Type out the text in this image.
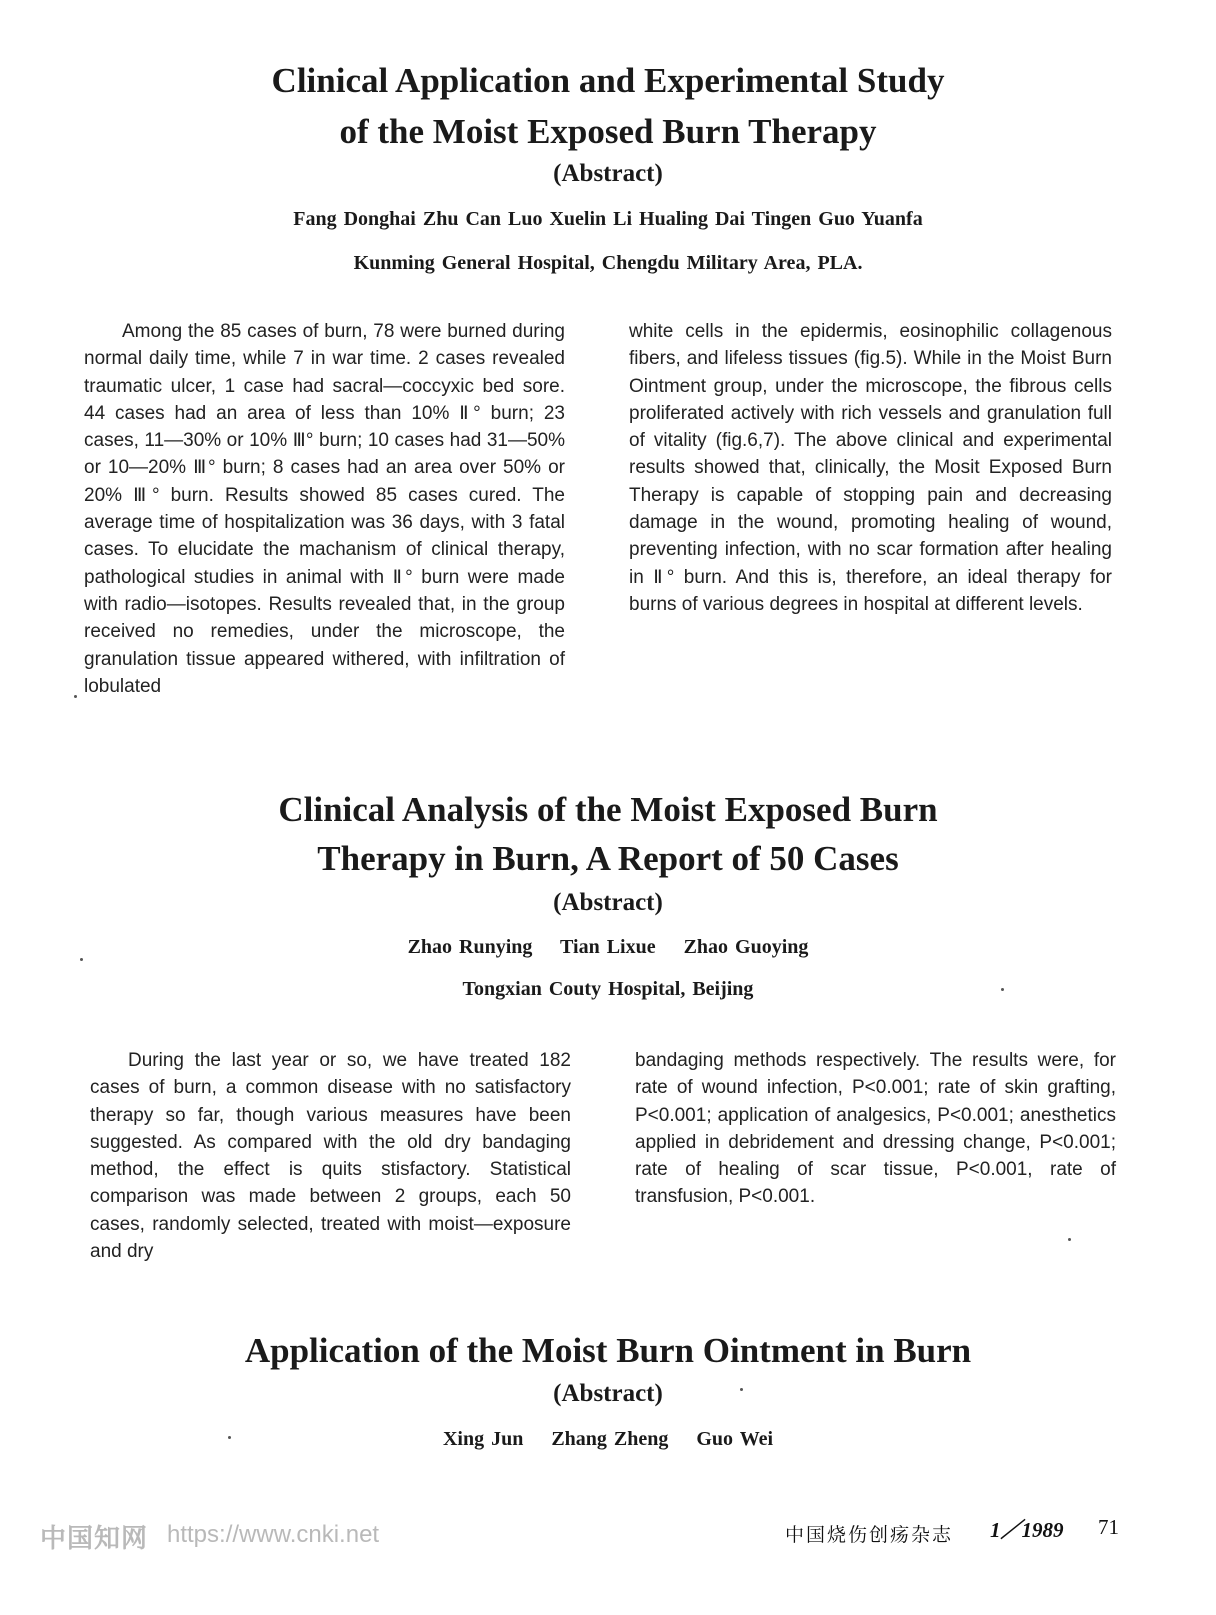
Clinical Application and Experimental Study
of the Moist Exposed Burn Therapy
(Abstract)
Fang Donghai Zhu Can Luo Xuelin Li Hualing Dai Tingen Guo Yuanfa
Kunming General Hospital, Chengdu Military Area, PLA.

Among the 85 cases of burn, 78 were burned during normal daily time, while 7 in war time. 2 cases revealed traumatic ulcer, 1 case had sacral—coccyxic bed sore. 44 cases had an area of less than 10% Ⅱ° burn; 23 cases, 11—30% or 10% Ⅲ° burn; 10 cases had 31—50% or 10—20% Ⅲ° burn; 8 cases had an area over 50% or 20% Ⅲ° burn. Results showed 85 cases cured. The average time of hospitalization was 36 days, with 3 fatal cases. To elucidate the machanism of clinical therapy, pathological studies in animal with Ⅱ° burn were made with radio—isotopes. Results revealed that, in the group received no remedies, under the microscope, the granulation tissue appeared withered, with infiltration of lobulated

white cells in the epidermis, eosinophilic collagenous fibers, and lifeless tissues (fig.5). While in the Moist Burn Ointment group, under the microscope, the fibrous cells proliferated actively with rich vessels and granulation full of vitality (fig.6,7). The above clinical and experimental results showed that, clinically, the Mosit Exposed Burn Therapy is capable of stopping pain and decreasing damage in the wound, promoting healing of wound, preventing infection, with no scar formation after healing in Ⅱ° burn. And this is, therefore, an ideal therapy for burns of various degrees in hospital at different levels.

Clinical Analysis of the Moist Exposed Burn
Therapy in Burn, A Report of 50 Cases
(Abstract)
Zhao Runying    Tian Lixue    Zhao Guoying
Tongxian Couty Hospital, Beijing

During the last year or so, we have treated 182 cases of burn, a common disease with no satisfactory therapy so far, though various measures have been suggested. As compared with the old dry bandaging method, the effect is quits stisfactory. Statistical comparison was made between 2 groups, each 50 cases, randomly selected, treated with moist—exposure and dry

bandaging methods respectively. The results were, for rate of wound infection, P<0.001; rate of skin grafting, P<0.001; application of analgesics, P<0.001; anesthetics applied in debridement and dressing change, P<0.001; rate of healing of scar tissue, P<0.001, rate of transfusion, P<0.001.

Application of the Moist Burn Ointment in Burn
(Abstract)
Xing Jun    Zhang Zheng    Guo Wei
中国知网 https://www.cnki.net	中国烧伤创疡杂志 1／1989 71
